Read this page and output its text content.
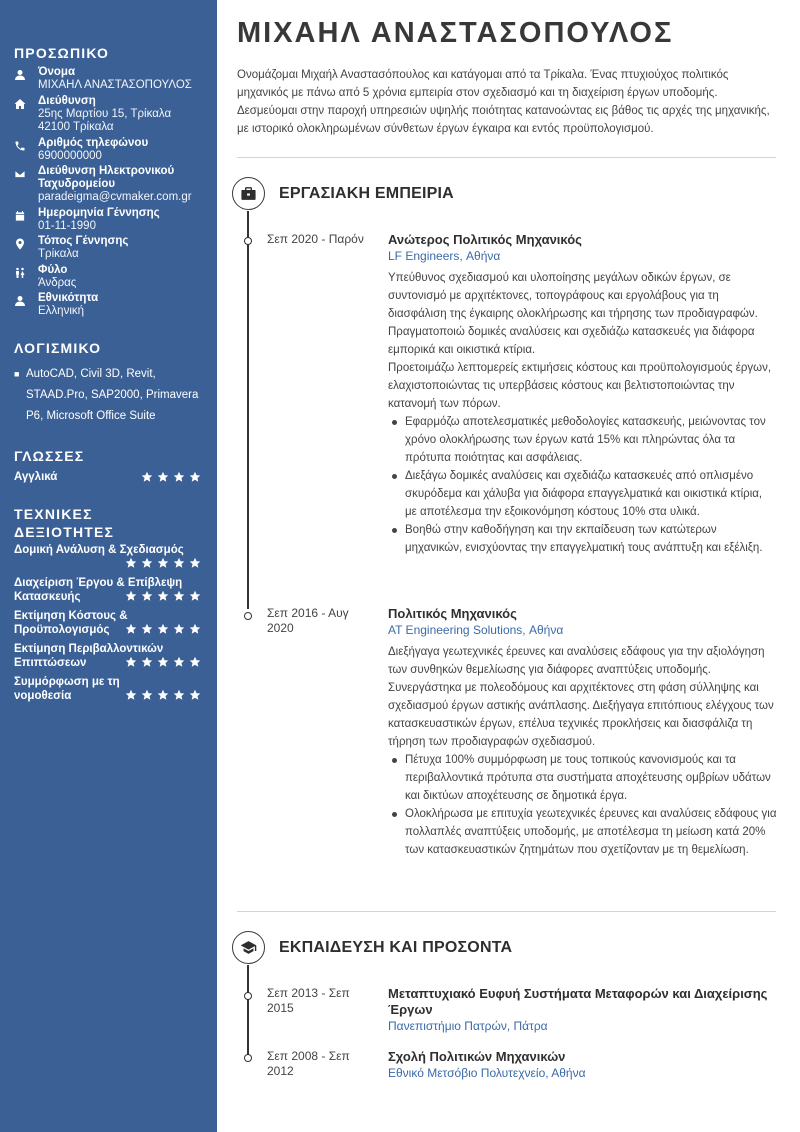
ΠΡΟΣΩΠΙΚΟ
Όνομα
ΜΙΧΑΗΛ ΑΝΑΣΤΑΣΟΠΟΥΛΟΣ
Διεύθυνση
25ης Μαρτίου 15, Τρίκαλα
42100 Τρίκαλα
Αριθμός τηλεφώνου
6900000000
Διεύθυνση Ηλεκτρονικού Ταχυδρομείου
paradeigma@cvmaker.com.gr
Ημερομηνία Γέννησης
01-11-1990
Τόπος Γέννησης
Τρίκαλα
Φύλο
Άνδρας
Εθνικότητα
Ελληνική
ΛΟΓΙΣΜΙΚΟ
■ AutoCAD, Civil 3D, Revit,
STAAD.Pro, SAP2000, Primavera
P6, Microsoft Office Suite
ΓΛΩΣΣΕΣ
Αγγλικά
ΤΕΧΝΙΚΕΣ
ΔΕΞΙΟΤΗΤΕΣ
Δομική Ανάλυση & Σχεδιασμός
Διαχείριση Έργου & Επίβλεψη Κατασκευής
Εκτίμηση Κόστους & Προϋπολογισμός
Εκτίμηση Περιβαλλοντικών Επιπτώσεων
Συμμόρφωση με τη νομοθεσία
ΜΙΧΑΗΛ ΑΝΑΣΤΑΣΟΠΟΥΛΟΣ

Ονομάζομαι Μιχαήλ Αναστασόπουλος και κατάγομαι από τα Τρίκαλα. Ένας πτυχιούχος πολιτικός μηχανικός με πάνω από 5 χρόνια εμπειρία στον σχεδιασμό και τη διαχείριση έργων υποδομής. Δεσμεύομαι στην παροχή υπηρεσιών υψηλής ποιότητας κατανοώντας εις βάθος τις αρχές της μηχανικής, με ιστορικό ολοκληρωμένων σύνθετων έργων έγκαιρα και εντός προϋπολογισμού.

ΕΡΓΑΣΙΑΚΗ ΕΜΠΕΙΡΙΑ
Σεπ 2020 - Παρόν	Ανώτερος Πολιτικός Μηχανικός
LF Engineers, Αθήνα

Υπεύθυνος σχεδιασμού και υλοποίησης μεγάλων οδικών έργων, σε συντονισμό με αρχιτέκτονες, τοπογράφους και εργολάβους για τη διασφάλιση της έγκαιρης ολοκλήρωσης και τήρησης των προδιαγραφών.

Πραγματοποιώ δομικές αναλύσεις και σχεδιάζω κατασκευές για διάφορα εμπορικά και οικιστικά κτίρια.

Προετοιμάζω λεπτομερείς εκτιμήσεις κόστους και προϋπολογισμούς έργων, ελαχιστοποιώντας τις υπερβάσεις κόστους και βελτιστοποιώντας την κατανομή των πόρων.

Εφαρμόζω αποτελεσματικές μεθοδολογίες κατασκευής, μειώνοντας τον χρόνο ολοκλήρωσης των έργων κατά 15% και πληρώντας όλα τα πρότυπα ποιότητας και ασφάλειας.
Διεξάγω δομικές αναλύσεις και σχεδιάζω κατασκευές από οπλισμένο σκυρόδεμα και χάλυβα για διάφορα επαγγελματικά και οικιστικά κτίρια, με αποτέλεσμα την εξοικονόμηση κόστους 10% στα υλικά.
Βοηθώ στην καθοδήγηση και την εκπαίδευση των κατώτερων μηχανικών, ενισχύοντας την επαγγελματική τους ανάπτυξη και εξέλιξη.
Σεπ 2016 - Αυγ 2020
Πολιτικός Μηχανικός
AT Engineering Solutions, Αθήνα

Διεξήγαγα γεωτεχνικές έρευνες και αναλύσεις εδάφους για την αξιολόγηση των συνθηκών θεμελίωσης για διάφορες αναπτύξεις υποδομής.

Συνεργάστηκα με πολεοδόμους και αρχιτέκτονες στη φάση σύλληψης και σχεδιασμού έργων αστικής ανάπλασης. Διεξήγαγα επιτόπιους ελέγχους των κατασκευαστικών έργων, επέλυα τεχνικές προκλήσεις και διασφάλιζα τη τήρηση των προδιαγραφών σχεδιασμού.

Πέτυχα 100% συμμόρφωση με τους τοπικούς κανονισμούς και τα περιβαλλοντικά πρότυπα στα συστήματα αποχέτευσης ομβρίων υδάτων και δικτύων αποχέτευσης σε δημοτικά έργα.
Ολοκλήρωσα με επιτυχία γεωτεχνικές έρευνες και αναλύσεις εδάφους για πολλαπλές αναπτύξεις υποδομής, με αποτέλεσμα τη μείωση κατά 20% των κατασκευαστικών ζητημάτων που σχετίζονταν με τη θεμελίωση.
ΕΚΠΑΙΔΕΥΣΗ ΚΑΙ ΠΡΟΣΟΝΤΑ
Σεπ 2013 - Σεπ 2015
Μεταπτυχιακό Ευφυή Συστήματα Μεταφορών και Διαχείρισης Έργων
Πανεπιστήμιο Πατρών, Πάτρα
Σεπ 2008 - Σεπ 2012
Σχολή Πολιτικών Μηχανικών
Εθνικό Μετσόβιο Πολυτεχνείο, Αθήνα
